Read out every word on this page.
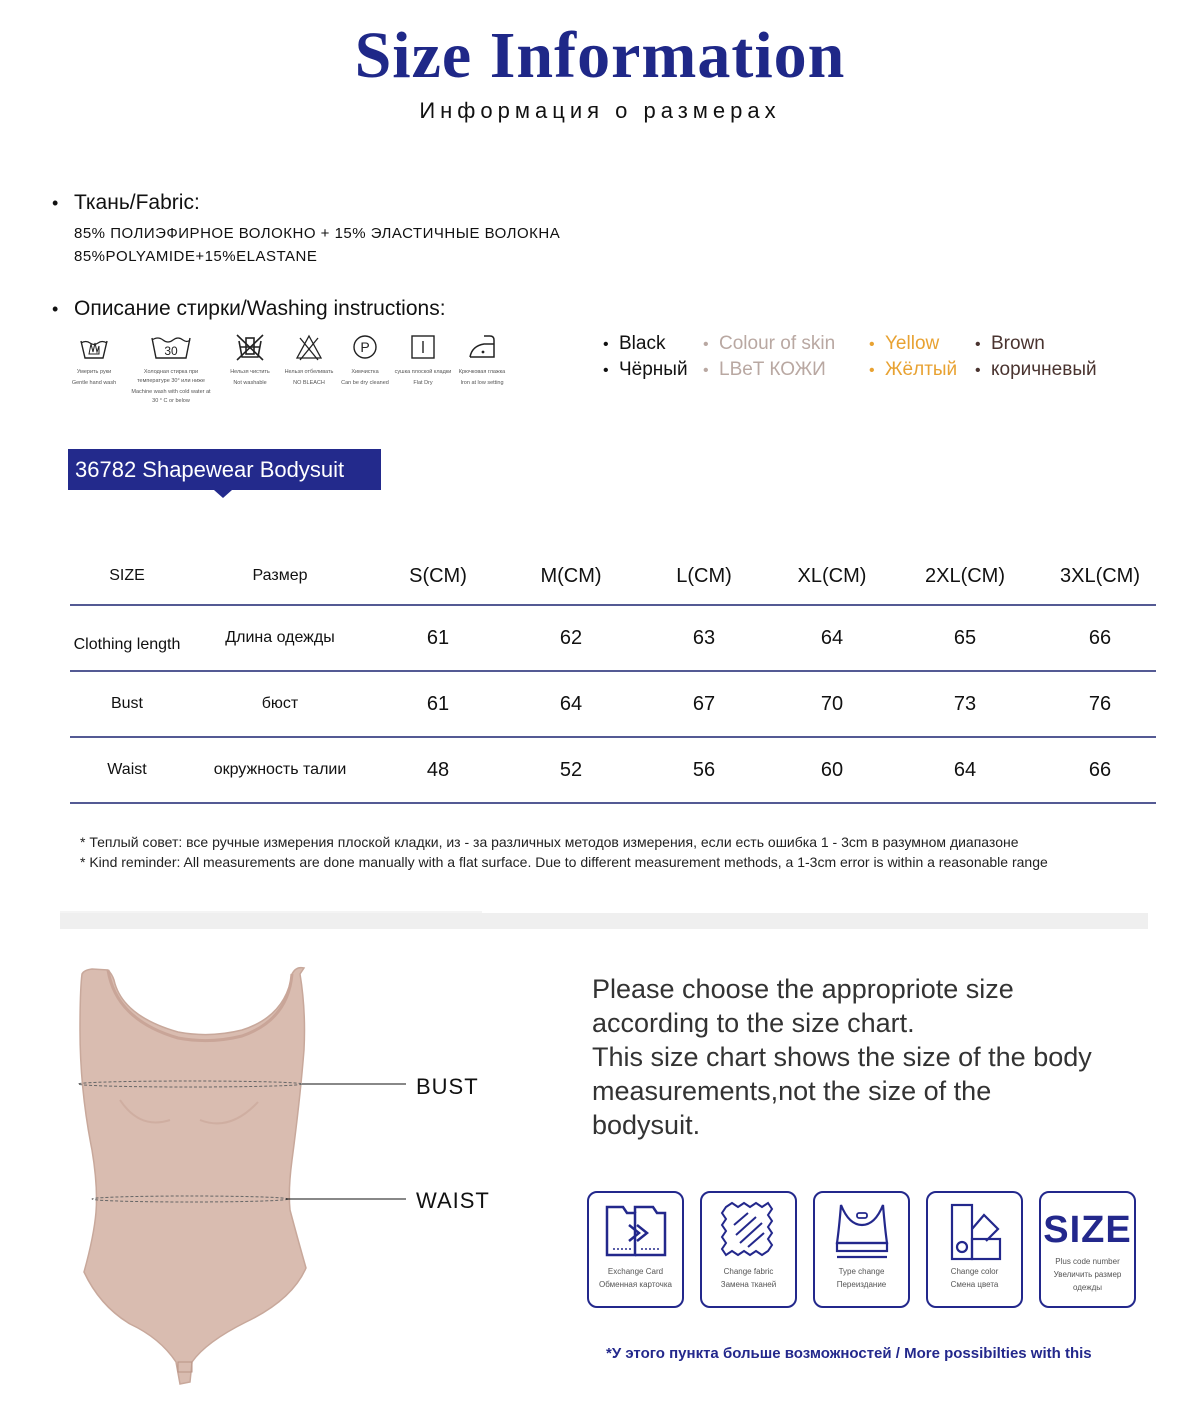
Size Information
Информация о размерах
• Ткань/Fabric:
85% ПОЛИЭФИРНОЕ ВОЛОКНО + 15% ЭЛАСТИЧНЫЕ ВОЛОКНА
85%POLYAMIDE+15%ELASTANE
• Описание стирки/Washing instructions:
Умерить руки
Gentle hand wash
30
Холодная стирка при температуре 30° или ниже
Machine wash with cold water at 30 ° C or below
Нельзя чистить
Not washable
Нельзя отбеливать
NO BLEACH
P
Химчистка
Can be dry cleaned
сушка плоской кладки
Flat Dry
Крючковая глажка
Iron at low setting
• Black	• Colour of skin	• Yellow	• Brown
• Чёрный	• LBeT КОЖИ	• Жёлтый	• коричневый
36782 Shapewear Bodysuit
SIZE	Размер	S(CM)	M(CM)	L(CM)	XL(CM)	2XL(CM)	3XL(CM)
Clothing length	Длина одежды	61	62	63	64	65	66
Bust	бюст	61	64	67	70	73	76
Waist	окружность талии	48	52	56	60	64	66
* Теплый совет: все ручные измерения плоской кладки, из - за различных методов измерения, если есть ошибка 1 - 3cm в разумном диапазоне
* Kind reminder: All measurements are done manually with a flat surface. Due to different measurement methods, a 1-3cm error is within a reasonable range
BUST
WAIST
Please choose the appropriote size
according to the size chart.
This size chart shows the size of the body
measurements,not the size of the
bodysuit.
Exchange Card
Обменная карточка
Change fabric
Замена тканей
Type change
Переиздание
Change color
Смена цвета
SIZE
Plus code number
Увеличить размер одежды
*У этого пункта больше возможностей / More possibilties with this
